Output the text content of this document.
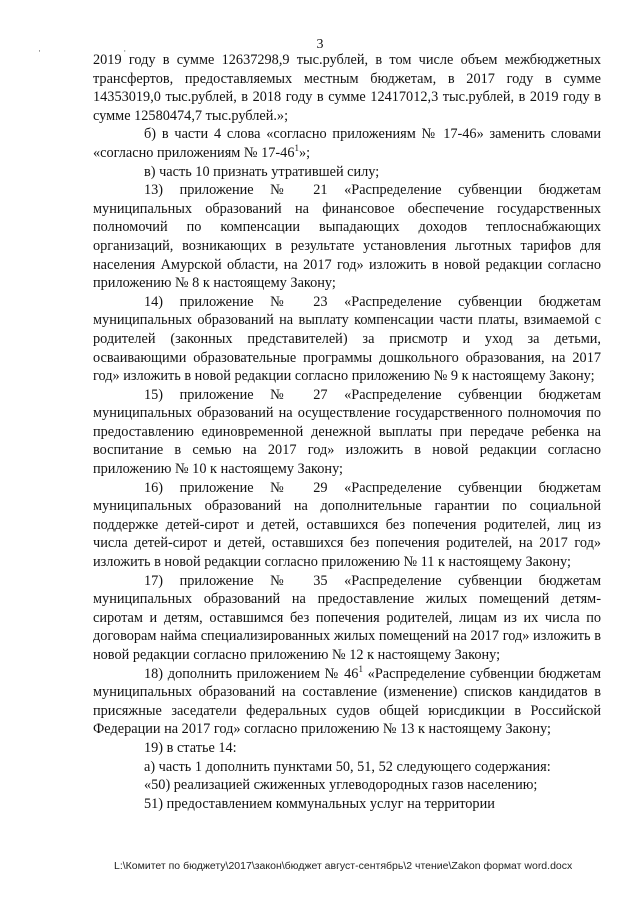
3
· ·

2019 году в сумме 12637298,9 тыс.рублей, в том числе объем межбюджетных трансфертов, предоставляемых местным бюджетам, в 2017 году в сумме 14353019,0 тыс.рублей, в 2018 году в сумме 12417012,3 тыс.рублей, в 2019 году в сумме 12580474,7 тыс.рублей.»;

б) в части 4 слова «согласно приложениям № 17-46» заменить словами «согласно приложениям № $17-46^1$»;

в) часть 10 признать утратившей силу;

13) приложение № 21 «Распределение субвенции бюджетам муниципальных образований на финансовое обеспечение государственных полномочий по компенсации выпадающих доходов теплоснабжающих организаций, возникающих в результате установления льготных тарифов для населения Амурской области, на 2017 год» изложить в новой редакции согласно приложению № 8 к настоящему Закону;

14) приложение № 23 «Распределение субвенции бюджетам муниципальных образований на выплату компенсации части платы, взимаемой с родителей (законных представителей) за присмотр и уход за детьми, осваивающими образовательные программы дошкольного образования, на 2017 год» изложить в новой редакции согласно приложению № 9 к настоящему Закону;

15) приложение № 27 «Распределение субвенции бюджетам муниципальных образований на осуществление государственного полномочия по предоставлению единовременной денежной выплаты при передаче ребенка на воспитание в семью на 2017 год» изложить в новой редакции согласно приложению № 10 к настоящему Закону;

16) приложение № 29 «Распределение субвенции бюджетам муниципальных образований на дополнительные гарантии по социальной поддержке детей-сирот и детей, оставшихся без попечения родителей, лиц из числа детей-сирот и детей, оставшихся без попечения родителей, на 2017 год» изложить в новой редакции согласно приложению № 11 к настоящему Закону;

17) приложение № 35 «Распределение субвенции бюджетам муниципальных образований на предоставление жилых помещений детям-сиротам и детям, оставшимся без попечения родителей, лицам из их числа по договорам найма специализированных жилых помещений на 2017 год» изложить в новой редакции согласно приложению № 12 к настоящему Закону;

18) дополнить приложением № $46^1$ «Распределение субвенции бюджетам муниципальных образований на составление (изменение) списков кандидатов в присяжные заседатели федеральных судов общей юрисдикции в Российской Федерации на 2017 год» согласно приложению № 13 к настоящему Закону;

19) в статье 14:

а) часть 1 дополнить пунктами 50, 51, 52 следующего содержания:

«50) реализацией сжиженных углеводородных газов населению;

51) предоставлением коммунальных услуг на территории

L:\Комитет по бюджету\2017\закон\бюджет август-сентябрь\2 чтение\Zakon формат word.docx
